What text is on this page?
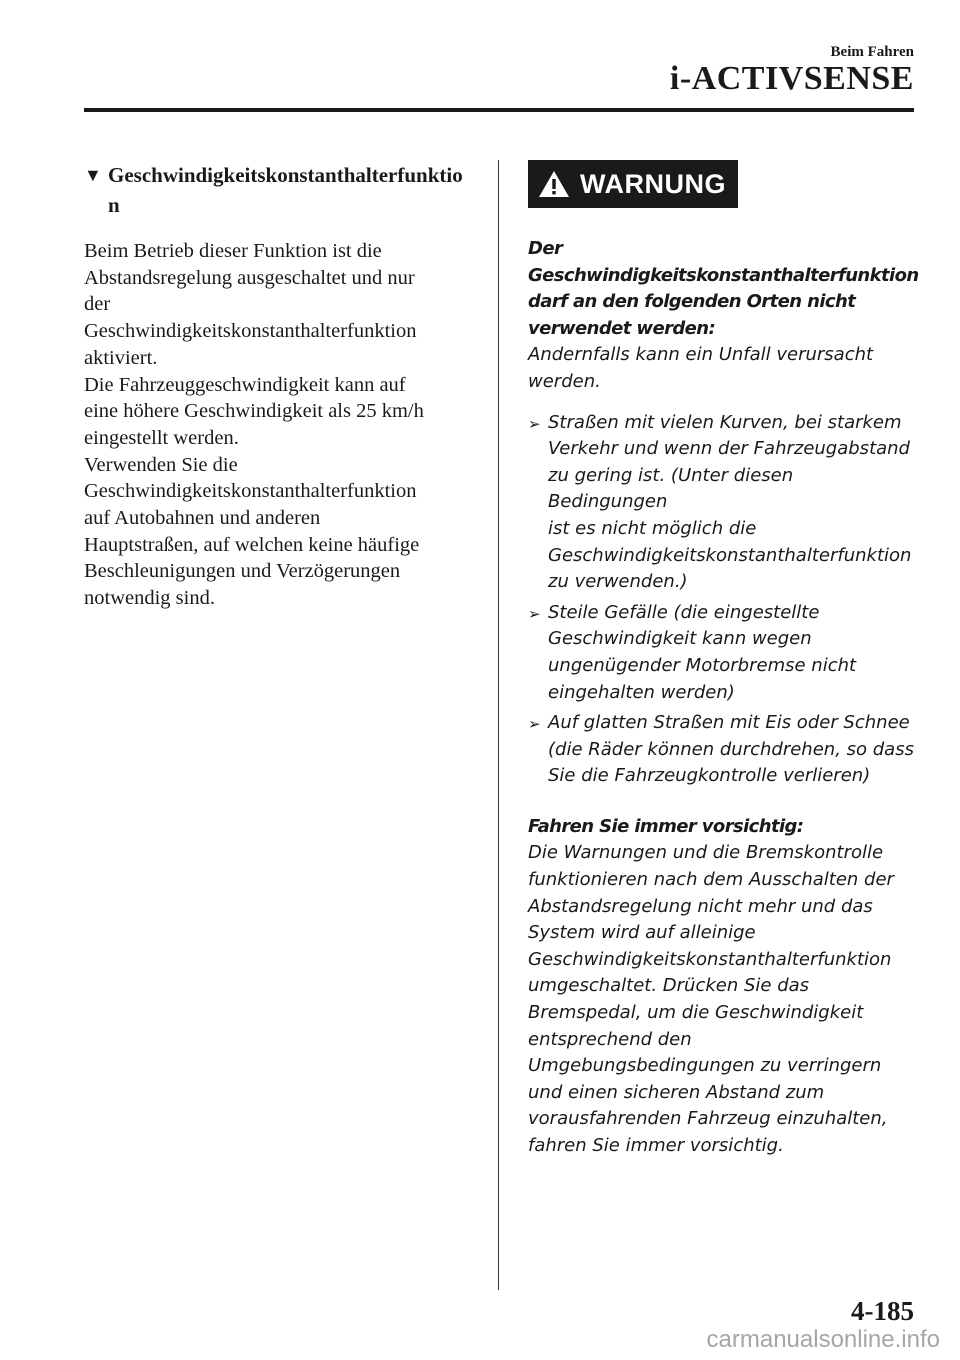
Beim Fahren
i-ACTIVSENSE
▼ Geschwindigkeitskonstanthalterfunktion
Beim Betrieb dieser Funktion ist die
Abstandsregelung ausgeschaltet und nur
der
Geschwindigkeitskonstanthalterfunktion
aktiviert.
Die Fahrzeuggeschwindigkeit kann auf
eine höhere Geschwindigkeit als 25 km/h
eingestellt werden.
Verwenden Sie die
Geschwindigkeitskonstanthalterfunktion
auf Autobahnen und anderen
Hauptstraßen, auf welchen keine häufige
Beschleunigungen und Verzögerungen
notwendig sind.
WARNUNG
Der
Geschwindigkeitskonstanthalterfunktion
darf an den folgenden Orten nicht
verwendet werden:
Andernfalls kann ein Unfall verursacht
werden.
➢ Straßen mit vielen Kurven, bei starkem
Verkehr und wenn der Fahrzeugabstand
zu gering ist. (Unter diesen Bedingungen
ist es nicht möglich die
Geschwindigkeitskonstanthalterfunktion
zu verwenden.)
➢ Steile Gefälle (die eingestellte
Geschwindigkeit kann wegen
ungenügender Motorbremse nicht
eingehalten werden)
➢ Auf glatten Straßen mit Eis oder Schnee
(die Räder können durchdrehen, so dass
Sie die Fahrzeugkontrolle verlieren)
Fahren Sie immer vorsichtig:
Die Warnungen und die Bremskontrolle
funktionieren nach dem Ausschalten der
Abstandsregelung nicht mehr und das
System wird auf alleinige
Geschwindigkeitskonstanthalterfunktion
umgeschaltet. Drücken Sie das
Bremspedal, um die Geschwindigkeit
entsprechend den
Umgebungsbedingungen zu verringern
und einen sicheren Abstand zum
vorausfahrenden Fahrzeug einzuhalten,
fahren Sie immer vorsichtig.
4-185
carmanualsonline.info
